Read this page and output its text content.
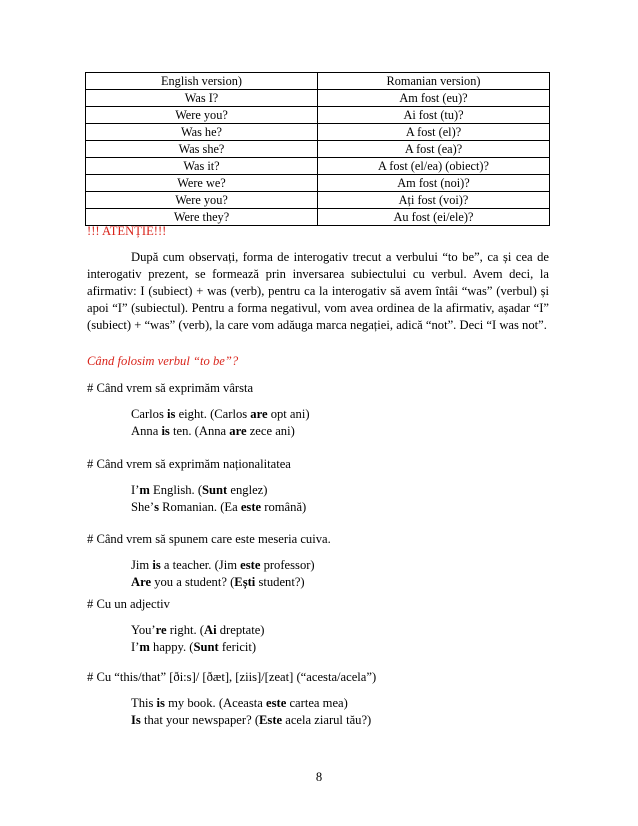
English version)	Romanian version)
Was I?	Am fost (eu)?
Were you?	Ai fost (tu)?
Was he?	A fost (el)?
Was she?	A fost (ea)?
Was it?	A fost (el/ea) (obiect)?
Were we?	Am fost (noi)?
Were you?	Ați fost (voi)?
Were they?	Au fost (ei/ele)?
!!! ATENȚIE!!!
După cum observați, forma de interogativ trecut a verbului “to be”, ca și cea de interogativ prezent, se formează prin inversarea subiectului cu verbul. Avem deci, la afirmativ: I (subiect) + was (verb), pentru ca la interogativ să avem întâi “was” (verbul) și apoi “I” (subiectul). Pentru a forma negativul, vom avea ordinea de la afirmativ, așadar “I” (subiect) + “was” (verb), la care vom adăuga marca negației, adică “not”. Deci “I was not”.
Când folosim verbul “to be”?
# Când vrem să exprimăm vârsta
Carlos is eight. (Carlos are opt ani)
Anna is ten. (Anna are zece ani)
# Când vrem să exprimăm naționalitatea
I’m English. (Sunt englez)
She’s Romanian. (Ea este română)
# Când vrem să spunem care este meseria cuiva.
Jim is a teacher. (Jim este professor)
Are you a student? (Ești student?)
# Cu un adjectiv
You’re right. (Ai dreptate)
I’m happy. (Sunt fericit)
# Cu “this/that” [ði:s]/ [ðæt], [ziis]/[zeat] (“acesta/acela”)
This is my book. (Aceasta este cartea mea)
Is that your newspaper? (Este acela ziarul tău?)
8
